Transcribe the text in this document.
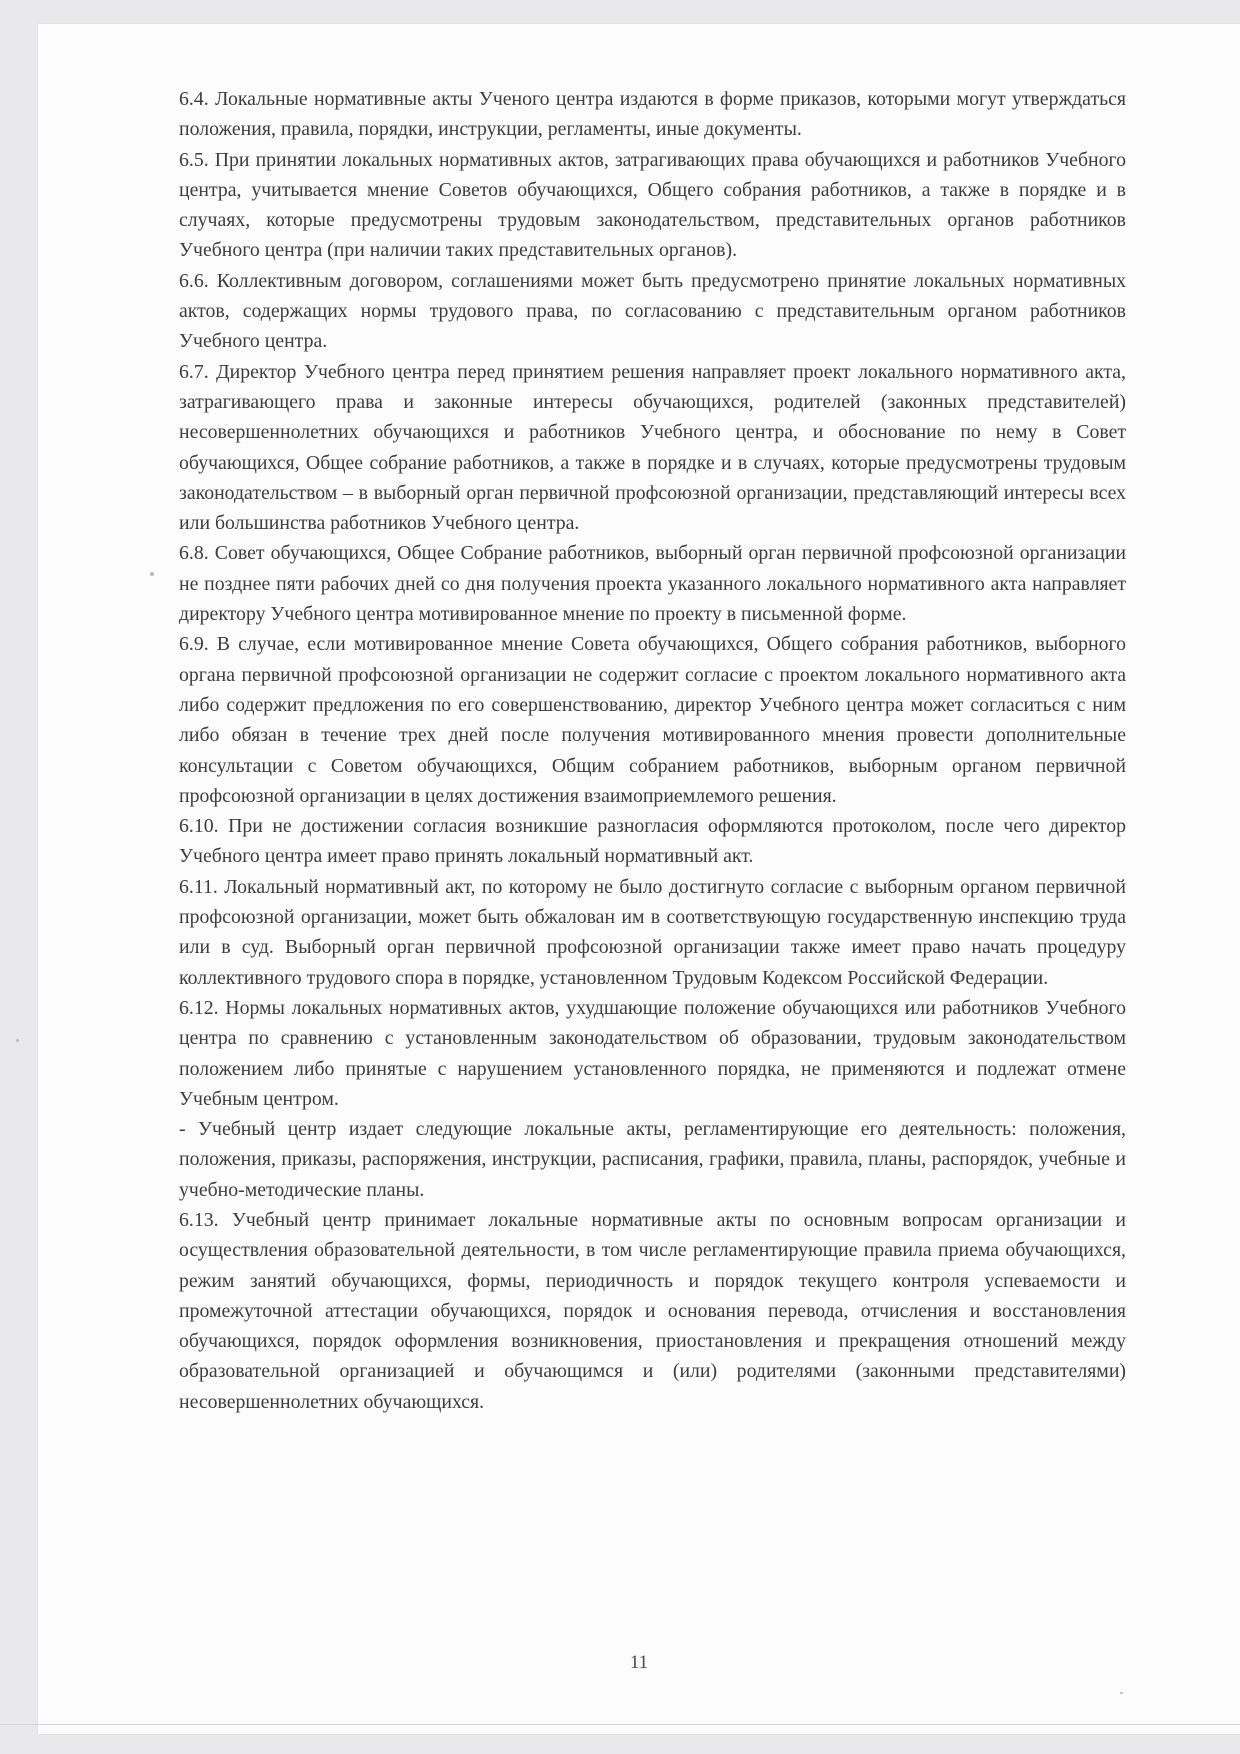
6.4. Локальные нормативные акты Ученого центра издаются в форме приказов, которыми могут утверждаться положения, правила, порядки, инструкции, регламенты, иные документы.

6.5. При принятии локальных нормативных актов, затрагивающих права обучающихся и работников Учебного центра, учитывается мнение Советов обучающихся, Общего собрания работников, а также в порядке и в случаях, которые предусмотрены трудовым законодательством, представительных органов работников Учебного центра (при наличии таких представительных органов).

6.6. Коллективным договором, соглашениями может быть предусмотрено принятие локальных нормативных актов, содержащих нормы трудового права, по согласованию с представительным органом работников Учебного центра.

6.7. Директор Учебного центра перед принятием решения направляет проект локального нормативного акта, затрагивающего права и законные интересы обучающихся, родителей (законных представителей) несовершеннолетних обучающихся и работников Учебного центра, и обоснование по нему в Совет обучающихся, Общее собрание работников, а также в порядке и в случаях, которые предусмотрены трудовым законодательством – в выборный орган первичной профсоюзной организации, представляющий интересы всех или большинства работников Учебного центра.

6.8. Совет обучающихся, Общее Собрание работников, выборный орган первичной профсоюзной организации не позднее пяти рабочих дней со дня получения проекта указанного локального нормативного акта направляет директору Учебного центра мотивированное мнение по проекту в письменной форме.

6.9. В случае, если мотивированное мнение Совета обучающихся, Общего собрания работников, выборного органа первичной профсоюзной организации не содержит согласие с проектом локального нормативного акта либо содержит предложения по его совершенствованию, директор Учебного центра может согласиться с ним либо обязан в течение трех дней после получения мотивированного мнения провести дополнительные консультации с Советом обучающихся, Общим собранием работников, выборным органом первичной профсоюзной организации в целях достижения взаимоприемлемого решения.

6.10. При не достижении согласия возникшие разногласия оформляются протоколом, после чего директор Учебного центра имеет право принять локальный нормативный акт.

6.11. Локальный нормативный акт, по которому не было достигнуто согласие с выборным органом первичной профсоюзной организации, может быть обжалован им в соответствующую государственную инспекцию труда или в суд. Выборный орган первичной профсоюзной организации также имеет право начать процедуру коллективного трудового спора в порядке, установленном Трудовым Кодексом Российской Федерации.

6.12. Нормы локальных нормативных актов, ухудшающие положение обучающихся или работников Учебного центра по сравнению с установленным законодательством об образовании, трудовым законодательством положением либо принятые с нарушением установленного порядка, не применяются и подлежат отмене Учебным центром.

- Учебный центр издает следующие локальные акты, регламентирующие его деятельность: положения, положения, приказы, распоряжения, инструкции, расписания, графики, правила, планы, распорядок, учебные и учебно-методические планы.

6.13. Учебный центр принимает локальные нормативные акты по основным вопросам организации и осуществления образовательной деятельности, в том числе регламентирующие правила приема обучающихся, режим занятий обучающихся, формы, периодичность и порядок текущего контроля успеваемости и промежуточной аттестации обучающихся, порядок и основания перевода, отчисления и восстановления обучающихся, порядок оформления возникновения, приостановления и прекращения отношений между образовательной организацией и обучающимся и (или) родителями (законными представителями) несовершеннолетних обучающихся.

11
